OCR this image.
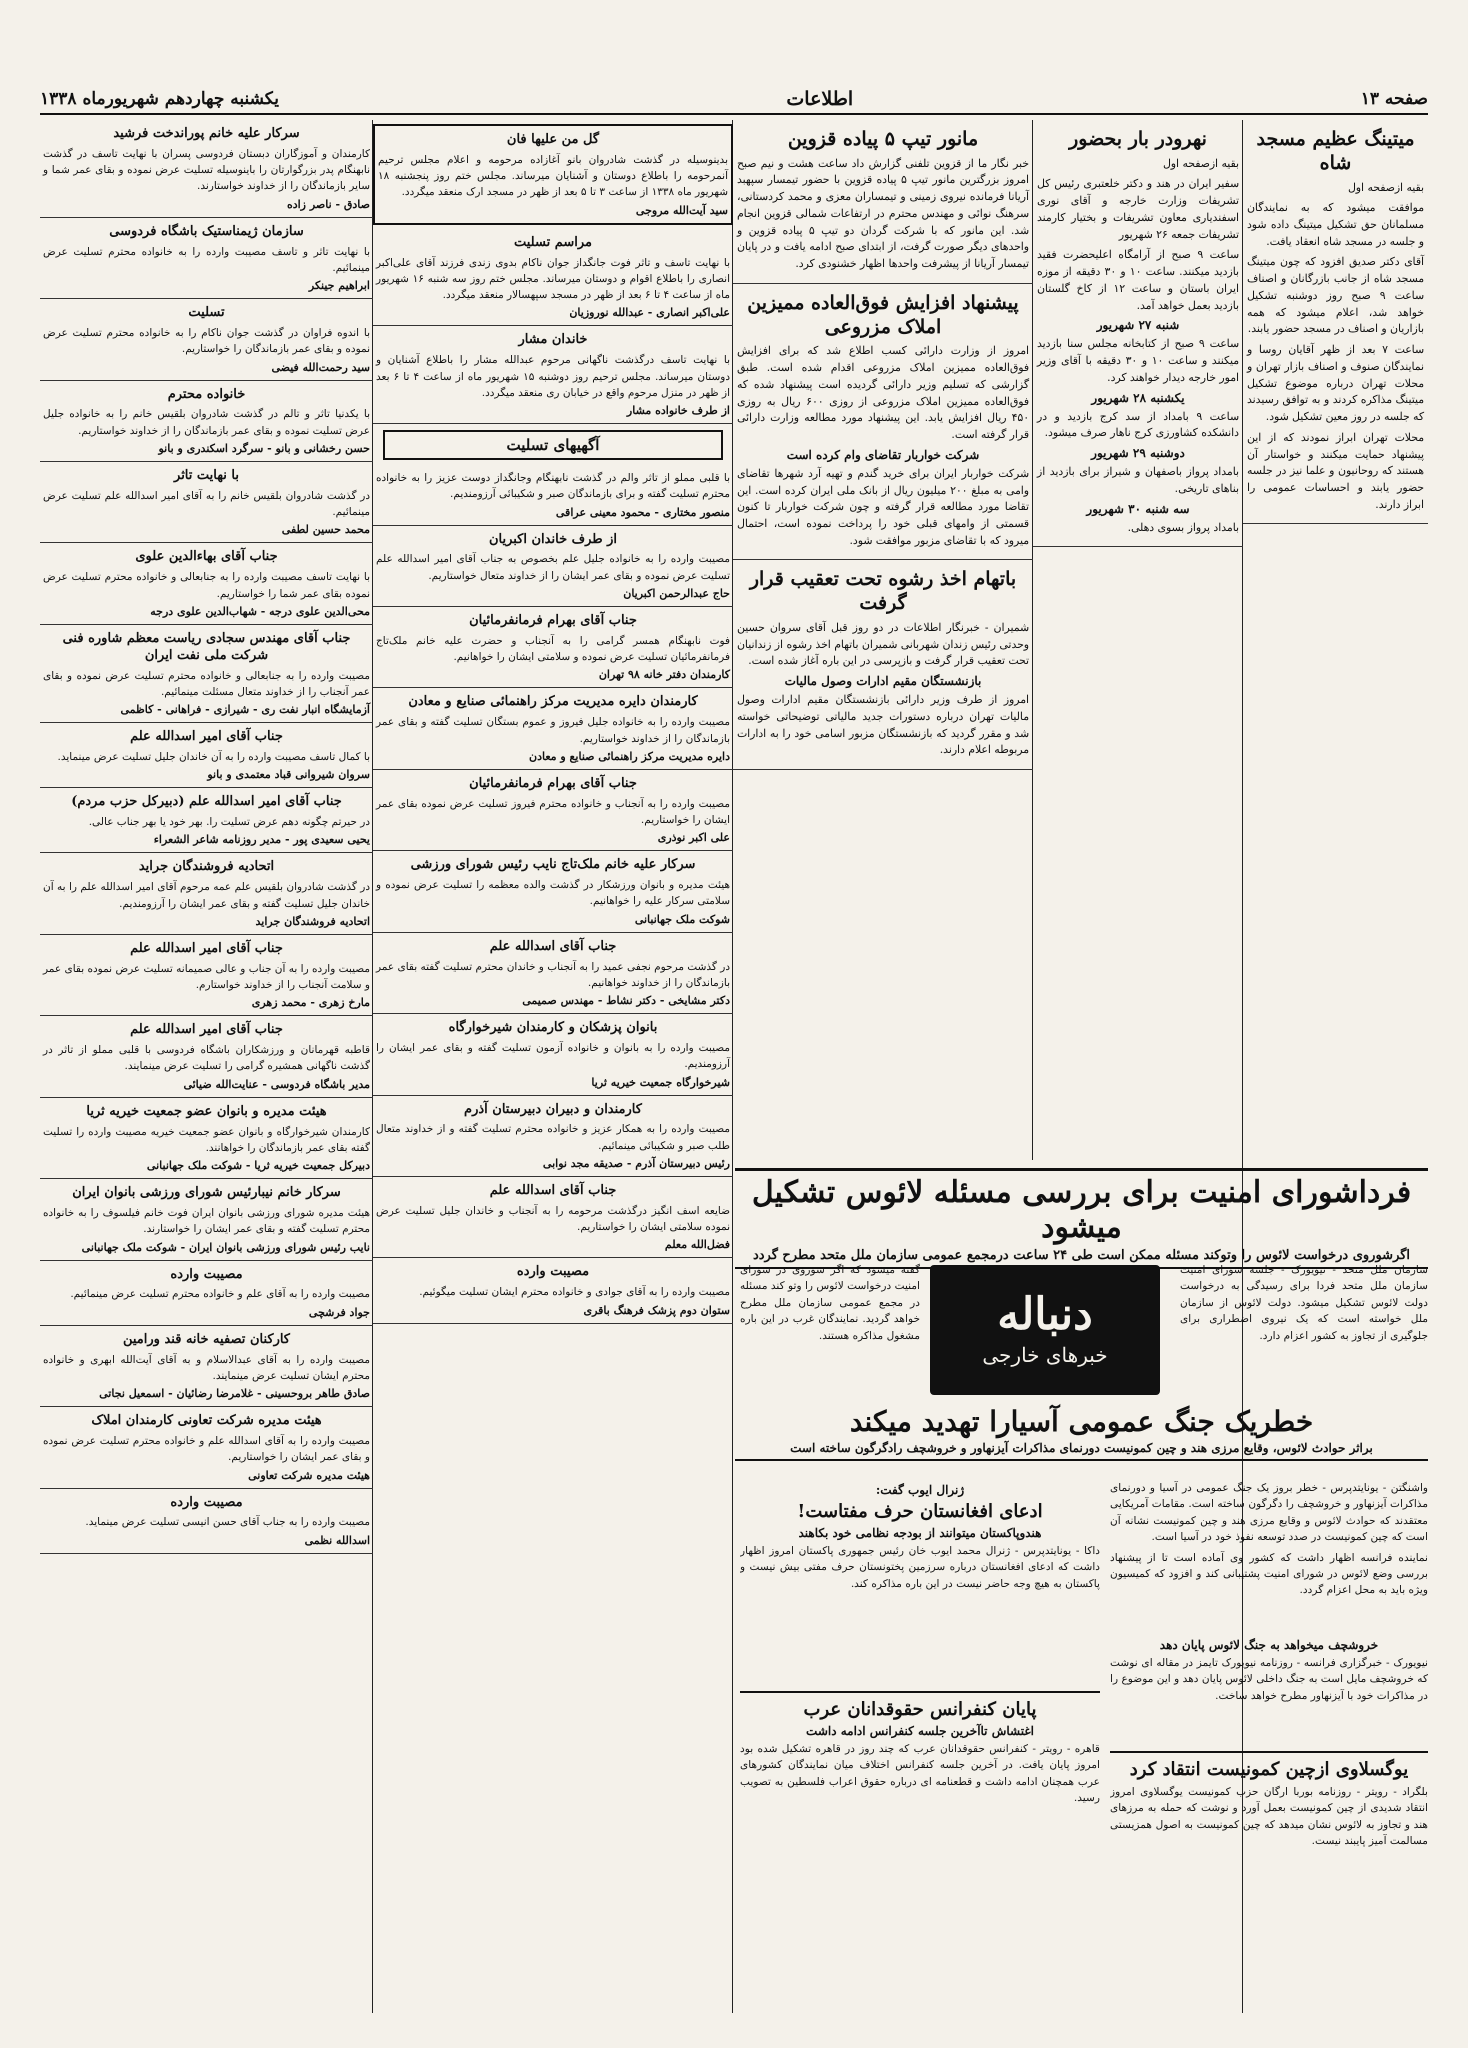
صفحه ۱۳
اطلاعات
یکشنبه چهاردهم شهریورماه ۱۳۳۸
میتینگ عظیم مسجد شاه

بقیه ازصفحه اول

موافقت میشود که به نمایندگان مسلمانان حق تشکیل میتینگ داده شود و جلسه در مسجد شاه انعقاد یافت.

آقای دکتر صدیق افزود که چون میتینگ مسجد شاه از جانب بازرگانان و اصناف ساعت ۹ صبح روز دوشنبه تشکیل خواهد شد، اعلام میشود که همه بازاریان و اصناف در مسجد حضور یابند.

ساعت ۷ بعد از ظهر آقایان روسا و نمایندگان صنوف و اصناف بازار تهران و محلات تهران درباره موضوع تشکیل میتینگ مذاکره کردند و به توافق رسیدند که جلسه در روز معین تشکیل شود.

محلات تهران ابراز نمودند که از این پیشنهاد حمایت میکنند و خواستار آن هستند که روحانیون و علما نیز در جلسه حضور یابند و احساسات عمومی را ابراز دارند.

نهرودر بار بحضور

بقیه ازصفحه اول

سفیر ایران در هند و دکتر خلعتبری رئیس کل تشریفات وزارت خارجه و آقای نوری اسفندیاری معاون تشریفات و بختیار کارمند تشریفات جمعه ۲۶ شهریور

ساعت ۹ صبح از آرامگاه اعلیحضرت فقید بازدید میکنند. ساعت ۱۰ و ۳۰ دقیقه از موزه ایران باستان و ساعت ۱۲ از کاخ گلستان بازدید بعمل خواهد آمد.

شنبه ۲۷ شهریور

ساعت ۹ صبح از کتابخانه مجلس سنا بازدید میکنند و ساعت ۱۰ و ۳۰ دقیقه با آقای وزیر امور خارجه دیدار خواهند کرد.

یکشنبه ۲۸ شهریور

ساعت ۹ بامداد از سد کرج بازدید و در دانشکده کشاورزی کرج ناهار صرف میشود.

دوشنبه ۲۹ شهریور

بامداد پرواز باصفهان و شیراز برای بازدید از بناهای تاریخی.

سه شنبه ۳۰ شهریور

بامداد پرواز بسوی دهلی.

مانور تیپ ۵ پیاده قزوین

خبر نگار ما از قزوین تلفنی گزارش داد ساعت هشت و نیم صبح امروز بزرگترین مانور تیپ ۵ پیاده قزوین با حضور تیمسار سپهبد آریانا فرمانده نیروی زمینی و تیمساران معزی و محمد کردستانی، سرهنگ نوائی و مهندس محترم در ارتفاعات شمالی قزوین انجام شد. این مانور که با شرکت گردان دو تیپ ۵ پیاده قزوین و واحدهای دیگر صورت گرفت، از ابتدای صبح ادامه یافت و در پایان تیمسار آریانا از پیشرفت واحدها اظهار خشنودی کرد.

پیشنهاد افزایش فوق‌العاده ممیزین املاک مزروعی

امروز از وزارت دارائی کسب اطلاع شد که برای افزایش فوق‌العاده ممیزین املاک مزروعی اقدام شده است. طبق گزارشی که تسلیم وزیر دارائی گردیده است پیشنهاد شده که فوق‌العاده ممیزین املاک مزروعی از روزی ۶۰۰ ریال به روزی ۴۵۰ ریال افزایش یابد. این پیشنهاد مورد مطالعه وزارت دارائی قرار گرفته است.

شرکت خواربار تقاضای وام کرده است

شرکت خواربار ایران برای خرید گندم و تهیه آرد شهرها تقاضای وامی به مبلغ ۲۰۰ میلیون ریال از بانک ملی ایران کرده است. این تقاضا مورد مطالعه قرار گرفته و چون شرکت خواربار تا کنون قسمتی از وامهای قبلی خود را پرداخت نموده است، احتمال میرود که با تقاضای مزبور موافقت شود.

باتهام اخذ رشوه تحت تعقیب قرار گرفت

شمیران - خبرنگار اطلاعات در دو روز قبل آقای سروان حسین وحدتی رئیس زندان شهربانی شمیران باتهام اخذ رشوه از زندانیان تحت تعقیب قرار گرفت و بازپرسی در این باره آغاز شده است.

بازنشستگان مقیم ادارات وصول مالیات

امروز از طرف وزیر دارائی بازنشستگان مقیم ادارات وصول مالیات تهران درباره دستورات جدید مالیاتی توضیحاتی خواسته شد و مقرر گردید که بازنشستگان مزبور اسامی خود را به ادارات مربوطه اعلام دارند.

گل من علیها فان

بدینوسیله در گذشت شادروان بانو آغازاده مرحومه و اعلام مجلس ترحیم آنمرحومه را باطلاع دوستان و آشنایان میرساند. مجلس ختم روز پنجشنبه ۱۸ شهریور ماه ۱۳۳۸ از ساعت ۳ تا ۵ بعد از ظهر در مسجد ارک منعقد میگردد.

سید آیت‌الله مروجی
مراسم تسلیت

با نهایت تاسف و تاثر فوت جانگداز جوان ناکام بدوی زندی فرزند آقای علی‌اکبر انصاری را باطلاع اقوام و دوستان میرساند. مجلس ختم روز سه شنبه ۱۶ شهریور ماه از ساعت ۴ تا ۶ بعد از ظهر در مسجد سپهسالار منعقد میگردد.

علی‌اکبر انصاری - عبدالله نوروزیان
خاندان مشار

با نهایت تاسف درگذشت ناگهانی مرحوم عبدالله مشار را باطلاع آشنایان و دوستان میرساند. مجلس ترحیم روز دوشنبه ۱۵ شهریور ماه از ساعت ۴ تا ۶ بعد از ظهر در منزل مرحوم واقع در خیابان ری منعقد میگردد.

از طرف خانواده مشار
آگهیهای تسلیت

با قلبی مملو از تاثر والم در گذشت نابهنگام وجانگداز دوست عزیز را به خانواده محترم تسلیت گفته و برای بازماندگان صبر و شکیبائی آرزومندیم.

منصور مختاری - محمود معینی عراقی
از طرف خاندان اکبریان

مصیبت وارده را به خانواده جلیل علم بخصوص به جناب آقای امیر اسدالله علم تسلیت عرض نموده و بقای عمر ایشان را از خداوند متعال خواستاریم.

حاج عبدالرحمن اکبریان
جناب آقای بهرام فرمانفرمائیان

فوت نابهنگام همسر گرامی را به آنجناب و حضرت علیه خانم ملک‌تاج فرمانفرمائیان تسلیت عرض نموده و سلامتی ایشان را خواهانیم.

کارمندان دفتر خانه ۹۸ تهران
کارمندان دایره مدیریت مرکز راهنمائی صنایع و معادن

مصیبت وارده را به خانواده جلیل فیروز و عموم بستگان تسلیت گفته و بقای عمر بازماندگان را از خداوند خواستاریم.

دایره مدیریت مرکز راهنمائی صنایع و معادن
جناب آقای بهرام فرمانفرمائیان

مصیبت وارده را به آنجناب و خانواده محترم فیروز تسلیت عرض نموده بقای عمر ایشان را خواستاریم.

علی اکبر نوذری
سرکار علیه خانم ملک‌تاج نایب رئیس شورای ورزشی

هیئت مدیره و بانوان ورزشکار در گذشت والده معظمه را تسلیت عرض نموده و سلامتی سرکار علیه را خواهانیم.

شوکت ملک جهانبانی
جناب آقای اسدالله علم

در گذشت مرحوم نجفی عمید را به آنجناب و خاندان محترم تسلیت گفته بقای عمر بازماندگان را از خداوند خواهانیم.

دکتر مشایخی - دکتر نشاط - مهندس صمیمی
بانوان پزشکان و کارمندان شیرخوارگاه

مصیبت وارده را به بانوان و خانواده آزمون تسلیت گفته و بقای عمر ایشان را آرزومندیم.

شیرخوارگاه جمعیت خیریه ثریا
کارمندان و دبیران دبیرستان آذرم

مصیبت وارده را به همکار عزیز و خانواده محترم تسلیت گفته و از خداوند متعال طلب صبر و شکیبائی مینمائیم.

رئیس دبیرستان آذرم - صدیقه مجد نوابی
جناب آقای اسدالله علم

ضایعه اسف انگیز درگذشت مرحومه را به آنجناب و خاندان جلیل تسلیت عرض نموده سلامتی ایشان را خواستاریم.

فضل‌الله معلم
مصیبت وارده

مصیبت وارده را به آقای جوادی و خانواده محترم ایشان تسلیت میگوئیم.

ستوان دوم پزشک فرهنگ باقری
سرکار علیه خانم پوراندخت فرشید

کارمندان و آموزگاران دبستان فردوسی پسران با نهایت تاسف در گذشت نابهنگام پدر بزرگوارتان را باینوسیله تسلیت عرض نموده و بقای عمر شما و سایر بازماندگان را از خداوند خواستارند.

صادق - ناصر زاده
سازمان ژیمناستیک باشگاه فردوسی

با نهایت تاثر و تاسف مصیبت وارده را به خانواده محترم تسلیت عرض مینمائیم.

ابراهیم جینکر
تسلیت

با اندوه فراوان در گذشت جوان ناکام را به خانواده محترم تسلیت عرض نموده و بقای عمر بازماندگان را خواستاریم.

سید رحمت‌الله فیضی
خانواده محترم

با یکدنیا تاثر و تالم در گذشت شادروان بلقیس خانم را به خانواده جلیل عرض تسلیت نموده و بقای عمر بازماندگان را از خداوند خواستاریم.

حسن رخشانی و بانو - سرگرد اسکندری و بانو
با نهایت تاثر

در گذشت شادروان بلقیس خانم را به آقای امیر اسدالله علم تسلیت عرض مینمائیم.

محمد حسین لطفی
جناب آقای بهاءالدین علوی

با نهایت تاسف مصیبت وارده را به جنابعالی و خانواده محترم تسلیت عرض نموده بقای عمر شما را خواستاریم.

محی‌الدین علوی درجه - شهاب‌الدین علوی درجه
جناب آقای مهندس سجادی ریاست معظم شاوره فنی شرکت ملی نفت ایران

مصیبت وارده را به جنابعالی و خانواده محترم تسلیت عرض نموده و بقای عمر آنجناب را از خداوند متعال مسئلت مینمائیم.

آزمایشگاه انبار نفت ری - شیرازی - فراهانی - کاظمی
جناب آقای امیر اسدالله علم

با کمال تاسف مصیبت وارده را به آن خاندان جلیل تسلیت عرض مینماید.

سروان شیروانی قباد معتمدی و بانو
جناب آقای امیر اسدالله علم (دبیرکل حزب مردم)

در حیرتم چگونه دهم عرض تسلیت را. بهر خود یا بهر جناب عالی.

یحیی سعیدی پور - مدیر روزنامه شاعر الشعراء
اتحادیه فروشندگان جراید

در گذشت شادروان بلقیس علم عمه مرحوم آقای امیر اسدالله علم را به آن خاندان جلیل تسلیت گفته و بقای عمر ایشان را آرزومندیم.

اتحادیه فروشندگان جراید
جناب آقای امیر اسدالله علم

مصیبت وارده را به آن جناب و عالی صمیمانه تسلیت عرض نموده بقای عمر و سلامت آنجناب را از خداوند خواستارم.

مارخ زهری - محمد زهری
جناب آقای امیر اسدالله علم

قاطبه قهرمانان و ورزشکاران باشگاه فردوسی با قلبی مملو از تاثر در گذشت ناگهانی همشیره گرامی را تسلیت عرض مینمایند.

مدیر باشگاه فردوسی - عنایت‌الله ضیائی
هیئت مدیره و بانوان عضو جمعیت خیریه ثریا

کارمندان شیرخوارگاه و بانوان عضو جمعیت خیریه مصیبت وارده را تسلیت گفته بقای عمر بازماندگان را خواهانند.

دبیرکل جمعیت خیریه ثریا - شوکت ملک جهانبانی
سرکار خانم نیبارئیس شورای ورزشی بانوان ایران

هیئت مدیره شورای ورزشی بانوان ایران فوت خانم فیلسوف را به خانواده محترم تسلیت گفته و بقای عمر ایشان را خواستارند.

نایب رئیس شورای ورزشی بانوان ایران - شوکت ملک جهانبانی
مصیبت وارده

مصیبت وارده را به آقای علم و خانواده محترم تسلیت عرض مینمائیم.

جواد فرشچی
کارکنان تصفیه خانه قند ورامین

مصیبت وارده را به آقای عبدالاسلام و به آقای آیت‌الله ابهری و خانواده محترم ایشان تسلیت عرض مینمایند.

صادق طاهر بروحسینی - غلامرضا رضائیان - اسمعیل نجاتی
هیئت مدیره شرکت تعاونی کارمندان املاک

مصیبت وارده را به آقای اسدالله علم و خانواده محترم تسلیت عرض نموده و بقای عمر ایشان را خواستاریم.

هیئت مدیره شرکت تعاونی
مصیبت وارده

مصیبت وارده را به جناب آقای حسن انیسی تسلیت عرض مینماید.

اسدالله نظمی
فرداشورای امنیت برای بررسی مسئله لائوس تشکیل میشود
اگرشوروی درخواست لائوس را وتوکند مسئله ممکن است طی ۲۴ ساعت درمجمع عمومی سازمان ملل متحد مطرح گردد

سازمان ملل متحد - نیویورک - جلسه شورای امنیت سازمان ملل متحد فردا برای رسیدگی به درخواست دولت لائوس تشکیل میشود. دولت لائوس از سازمان ملل خواسته است که یک نیروی اضطراری برای جلوگیری از تجاوز به کشور اعزام دارد.

دنباله
خبرهای خارجی

گفته میشود که اگر شوروی در شورای امنیت درخواست لائوس را وتو کند مسئله در مجمع عمومی سازمان ملل مطرح خواهد گردید. نمایندگان غرب در این باره مشغول مذاکره هستند.

خطریک جنگ عمومی آسیارا تهدید میکند
براثر حوادث لائوس، وقایع مرزی هند و چین کمونیست دورنمای مذاکرات آیزنهاور و خروشچف رادگرگون ساخته است

واشنگتن - یونایتدپرس - خطر بروز یک جنگ عمومی در آسیا و دورنمای مذاکرات آیزنهاور و خروشچف را دگرگون ساخته است. مقامات آمریکایی معتقدند که حوادث لائوس و وقایع مرزی هند و چین کمونیست نشانه آن است که چین کمونیست در صدد توسعه نفوذ خود در آسیا است.

نماینده فرانسه اظهار داشت که کشور وی آماده است تا از پیشنهاد بررسی وضع لائوس در شورای امنیت پشتیبانی کند و افزود که کمیسیون ویژه باید به محل اعزام گردد.

ژنرال ایوب گفت:
ادعای افغانستان حرف مفتاست!
هندوپاکستان میتوانند از بودجه نظامی خود بکاهند

داکا - یونایتدپرس - ژنرال محمد ایوب خان رئیس جمهوری پاکستان امروز اظهار داشت که ادعای افغانستان درباره سرزمین پختونستان حرف مفتی بیش نیست و پاکستان به هیچ وجه حاضر نیست در این باره مذاکره کند.

خروشچف میخواهد به جنگ لائوس پایان دهد

نیویورک - خبرگزاری فرانسه - روزنامه نیویورک تایمز در مقاله ای نوشت که خروشچف مایل است به جنگ داخلی لائوس پایان دهد و این موضوع را در مذاکرات خود با آیزنهاور مطرح خواهد ساخت.

پایان کنفرانس حقوقدانان عرب
اغتشاش تاآخرین جلسه کنفرانس ادامه داشت

قاهره - رویتر - کنفرانس حقوقدانان عرب که چند روز در قاهره تشکیل شده بود امروز پایان یافت. در آخرین جلسه کنفرانس اختلاف میان نمایندگان کشورهای عرب همچنان ادامه داشت و قطعنامه ای درباره حقوق اعراب فلسطین به تصویب رسید.

یوگسلاوی ازچین کمونیست انتقاد کرد

بلگراد - رویتر - روزنامه بوربا ارگان حزب کمونیست یوگسلاوی امروز انتقاد شدیدی از چین کمونیست بعمل آورد و نوشت که حمله به مرزهای هند و تجاوز به لائوس نشان میدهد که چین کمونیست به اصول همزیستی مسالمت آمیز پایبند نیست.
